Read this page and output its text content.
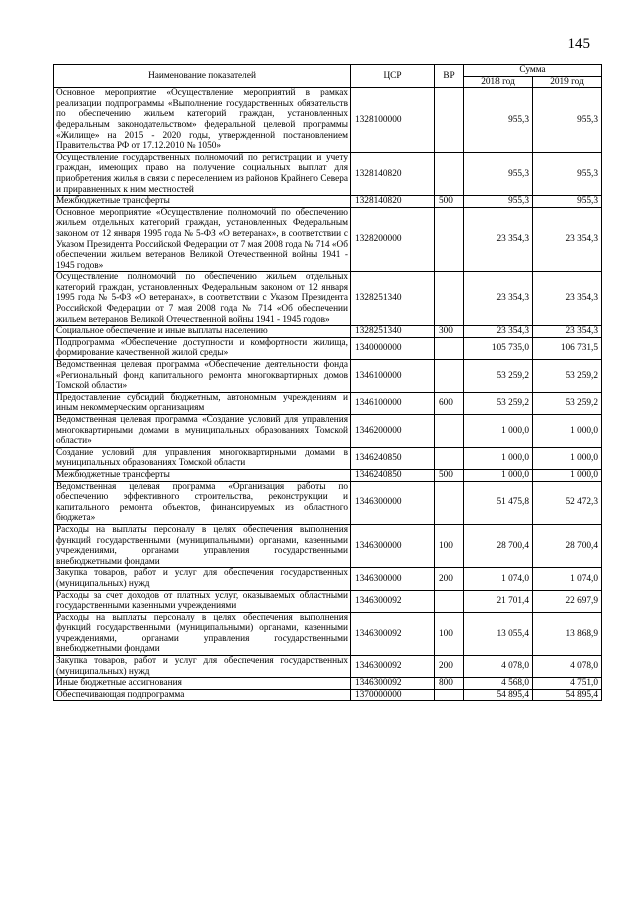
145
Наименование показателей	ЦСР	ВР	Сумма	
			2018 год	2019 год
Основное мероприятие «Осуществление мероприятий в рамках реализации подпрограммы «Выполнение государственных обязательств по обеспечению жильем категорий граждан, установленных федеральным законодательством» федеральной целевой программы «Жилище» на 2015 - 2020 годы, утвержденной постановлением Правительства РФ от 17.12.2010 № 1050»	1328100000		955,3	955,3
Осуществление государственных полномочий по регистрации и учету граждан, имеющих право на получение социальных выплат для приобретения жилья в связи с переселением из районов Крайнего Севера и приравненных к ним местностей	1328140820		955,3	955,3
Межбюджетные трансферты	1328140820	500	955,3	955,3
Основное мероприятие «Осуществление полномочий по обеспечению жильем отдельных категорий граждан, установленных Федеральным законом от 12 января 1995 года № 5-ФЗ «О ветеранах», в соответствии с Указом Президента Российской Федерации от 7 мая 2008 года № 714 «Об обеспечении жильем ветеранов Великой Отечественной войны 1941 - 1945 годов»	1328200000		23 354,3	23 354,3
Осуществление полномочий по обеспечению жильем отдельных категорий граждан, установленных Федеральным законом от 12 января 1995 года № 5-ФЗ «О ветеранах», в соответствии с Указом Президента Российской Федерации от 7 мая 2008 года № 714 «Об обеспечении жильем ветеранов Великой Отечественной войны 1941 - 1945 годов»	1328251340		23 354,3	23 354,3
Социальное обеспечение и иные выплаты населению	1328251340	300	23 354,3	23 354,3
Подпрограмма «Обеспечение доступности и комфортности жилища, формирование качественной жилой среды»	1340000000		105 735,0	106 731,5
Ведомственная целевая программа «Обеспечение деятельности фонда «Региональный фонд капитального ремонта многоквартирных домов Томской области»	1346100000		53 259,2	53 259,2
Предоставление субсидий бюджетным, автономным учреждениям и иным некоммерческим организациям	1346100000	600	53 259,2	53 259,2
Ведомственная целевая программа «Создание условий для управления многоквартирными домами в муниципальных образованиях Томской области»	1346200000		1 000,0	1 000,0
Создание условий для управления многоквартирными домами в муниципальных образованиях Томской области	1346240850		1 000,0	1 000,0
Межбюджетные трансферты	1346240850	500	1 000,0	1 000,0
Ведомственная целевая программа «Организация работы по обеспечению эффективного строительства, реконструкции и капитального ремонта объектов, финансируемых из областного бюджета»	1346300000		51 475,8	52 472,3
Расходы на выплаты персоналу в целях обеспечения выполнения функций государственными (муниципальными) органами, казенными учреждениями, органами управления государственными внебюджетными фондами	1346300000	100	28 700,4	28 700,4
Закупка товаров, работ и услуг для обеспечения государственных (муниципальных) нужд	1346300000	200	1 074,0	1 074,0
Расходы за счет доходов от платных услуг, оказываемых областными государственными казенными учреждениями	1346300092		21 701,4	22 697,9
Расходы на выплаты персоналу в целях обеспечения выполнения функций государственными (муниципальными) органами, казенными учреждениями, органами управления государственными внебюджетными фондами	1346300092	100	13 055,4	13 868,9
Закупка товаров, работ и услуг для обеспечения государственных (муниципальных) нужд	1346300092	200	4 078,0	4 078,0
Иные бюджетные ассигнования	1346300092	800	4 568,0	4 751,0
Обеспечивающая подпрограмма	1370000000		54 895,4	54 895,4
